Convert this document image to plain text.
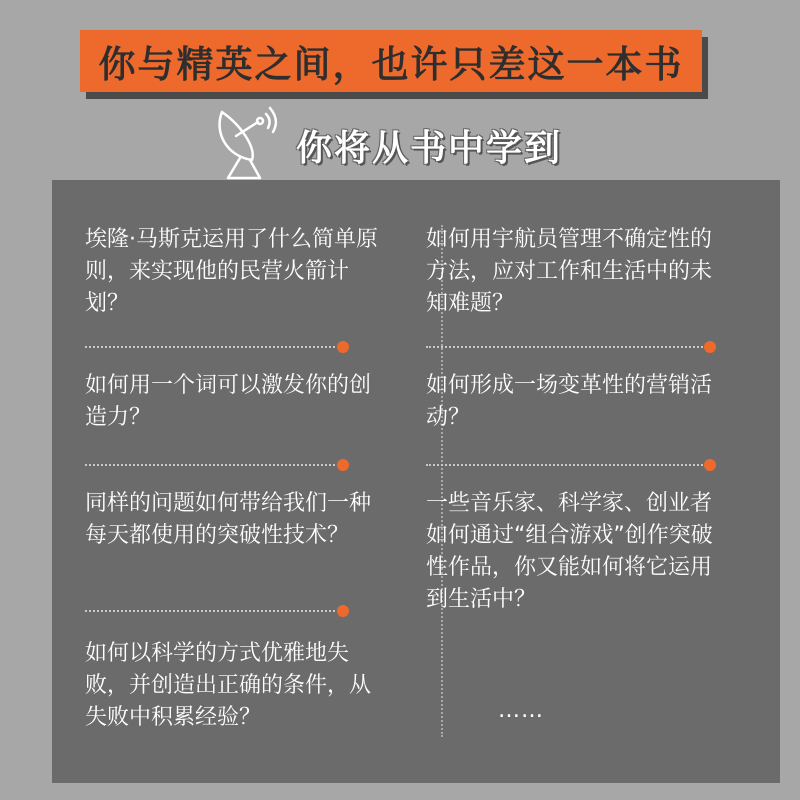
你与精英之间，也许只差这一本书
你将从书中学到
埃隆·马斯克运用了什么简单原则，来实现他的民营火箭计划？
如何用一个词可以激发你的创造力？
同样的问题如何带给我们一种每天都使用的突破性技术？
如何以科学的方式优雅地失败，并创造出正确的条件，从失败中积累经验？
如何用宇航员管理不确定性的方法，应对工作和生活中的未知难题？
如何形成一场变革性的营销活动？
一些音乐家、科学家、创业者如何通过“组合游戏”创作突破性作品，你又能如何将它运用到生活中？
……
